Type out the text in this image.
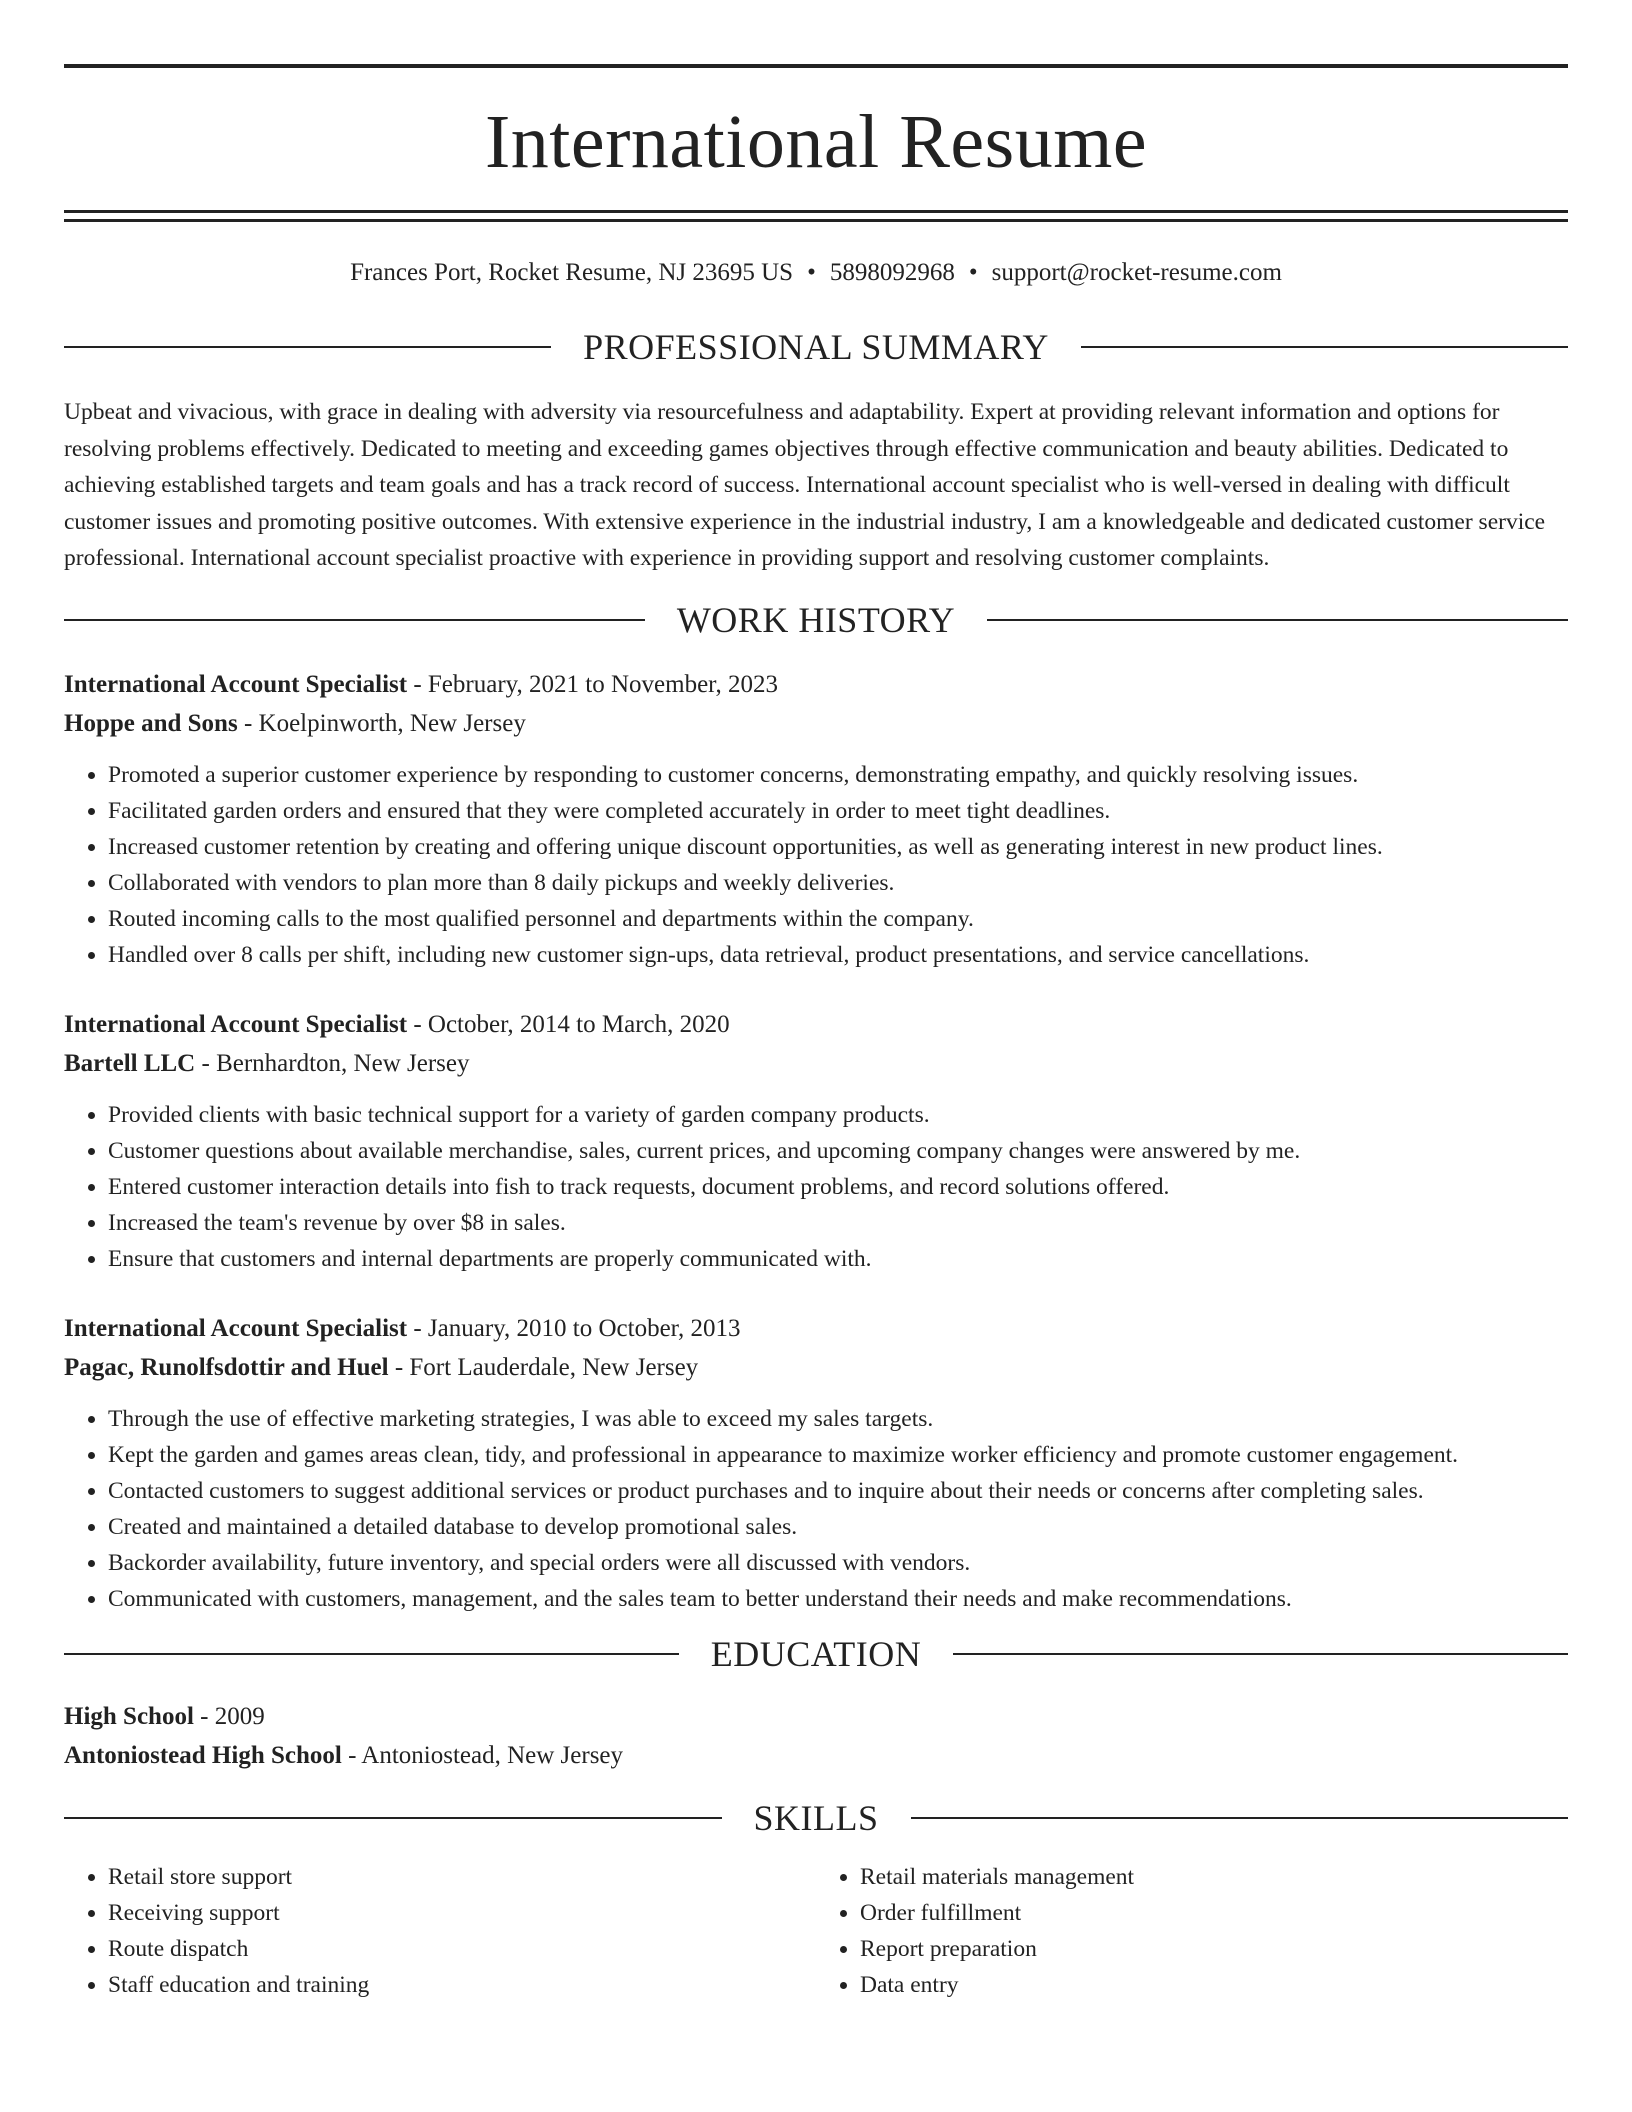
International Resume
Frances Port, Rocket Resume, NJ 23695 US • 5898092968 • support@rocket-resume.com
PROFESSIONAL SUMMARY

Upbeat and vivacious, with grace in dealing with adversity via resourcefulness and adaptability. Expert at providing relevant information and options for resolving problems effectively. Dedicated to meeting and exceeding games objectives through effective communication and beauty abilities. Dedicated to achieving established targets and team goals and has a track record of success. International account specialist who is well-versed in dealing with difficult customer issues and promoting positive outcomes. With extensive experience in the industrial industry, I am a knowledgeable and dedicated customer service professional. International account specialist proactive with experience in providing support and resolving customer complaints.

WORK HISTORY
International Account Specialist - February, 2021 to November, 2023
Hoppe and Sons - Koelpinworth, New Jersey
• Promoted a superior customer experience by responding to customer concerns, demonstrating empathy, and quickly resolving issues.
• Facilitated garden orders and ensured that they were completed accurately in order to meet tight deadlines.
• Increased customer retention by creating and offering unique discount opportunities, as well as generating interest in new product lines.
• Collaborated with vendors to plan more than 8 daily pickups and weekly deliveries.
• Routed incoming calls to the most qualified personnel and departments within the company.
• Handled over 8 calls per shift, including new customer sign-ups, data retrieval, product presentations, and service cancellations.
International Account Specialist - October, 2014 to March, 2020
Bartell LLC - Bernhardton, New Jersey
• Provided clients with basic technical support for a variety of garden company products.
• Customer questions about available merchandise, sales, current prices, and upcoming company changes were answered by me.
• Entered customer interaction details into fish to track requests, document problems, and record solutions offered.
• Increased the team's revenue by over $8 in sales.
• Ensure that customers and internal departments are properly communicated with.
International Account Specialist - January, 2010 to October, 2013
Pagac, Runolfsdottir and Huel - Fort Lauderdale, New Jersey
• Through the use of effective marketing strategies, I was able to exceed my sales targets.
• Kept the garden and games areas clean, tidy, and professional in appearance to maximize worker efficiency and promote customer engagement.
• Contacted customers to suggest additional services or product purchases and to inquire about their needs or concerns after completing sales.
• Created and maintained a detailed database to develop promotional sales.
• Backorder availability, future inventory, and special orders were all discussed with vendors.
• Communicated with customers, management, and the sales team to better understand their needs and make recommendations.
EDUCATION
High School - 2009
Antoniostead High School - Antoniostead, New Jersey
SKILLS
• Retail store support
• Receiving support
• Route dispatch
• Staff education and training
• Retail materials management
• Order fulfillment
• Report preparation
• Data entry
